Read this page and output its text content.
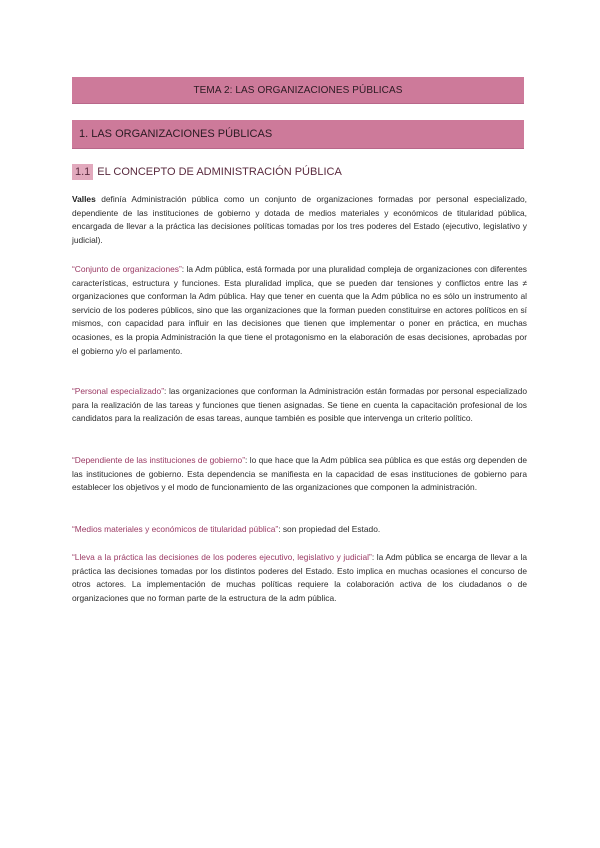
TEMA 2: LAS ORGANIZACIONES PÚBLICAS
1. LAS ORGANIZACIONES PÚBLICAS
1.1 EL CONCEPTO DE ADMINISTRACIÓN PÚBLICA

Valles definía Administración pública como un conjunto de organizaciones formadas por personal especializado, dependiente de las instituciones de gobierno y dotada de medios materiales y económicos de titularidad pública, encargada de llevar a la práctica las decisiones políticas tomadas por los tres poderes del Estado (ejecutivo, legislativo y judicial).

“Conjunto de organizaciones”: la Adm pública, está formada por una pluralidad compleja de organizaciones con diferentes características, estructura y funciones. Esta pluralidad implica, que se pueden dar tensiones y conflictos entre las ≠ organizaciones que conforman la Adm pública. Hay que tener en cuenta que la Adm pública no es sólo un instrumento al servicio de los poderes públicos, sino que las organizaciones que la forman pueden constituirse en actores políticos en sí mismos, con capacidad para influir en las decisiones que tienen que implementar o poner en práctica, en muchas ocasiones, es la propia Administración la que tiene el protagonismo en la elaboración de esas decisiones, aprobadas por el gobierno y/o el parlamento.

“Personal especializado”: las organizaciones que conforman la Administración están formadas por personal especializado para la realización de las tareas y funciones que tienen asignadas. Se tiene en cuenta la capacitación profesional de los candidatos para la realización de esas tareas, aunque también es posible que intervenga un criterio político.

“Dependiente de las instituciones de gobierno”: lo que hace que la Adm pública sea pública es que estás org dependen de las instituciones de gobierno. Esta dependencia se manifiesta en la capacidad de esas instituciones de gobierno para establecer los objetivos y el modo de funcionamiento de las organizaciones que componen la administración.

“Medios materiales y económicos de titularidad pública”: son propiedad del Estado.

“Lleva a la práctica las decisiones de los poderes ejecutivo, legislativo y judicial”: la Adm pública se encarga de llevar a la práctica las decisiones tomadas por los distintos poderes del Estado. Esto implica en muchas ocasiones el concurso de otros actores. La implementación de muchas políticas requiere la colaboración activa de los ciudadanos o de organizaciones que no forman parte de la estructura de la adm pública.
